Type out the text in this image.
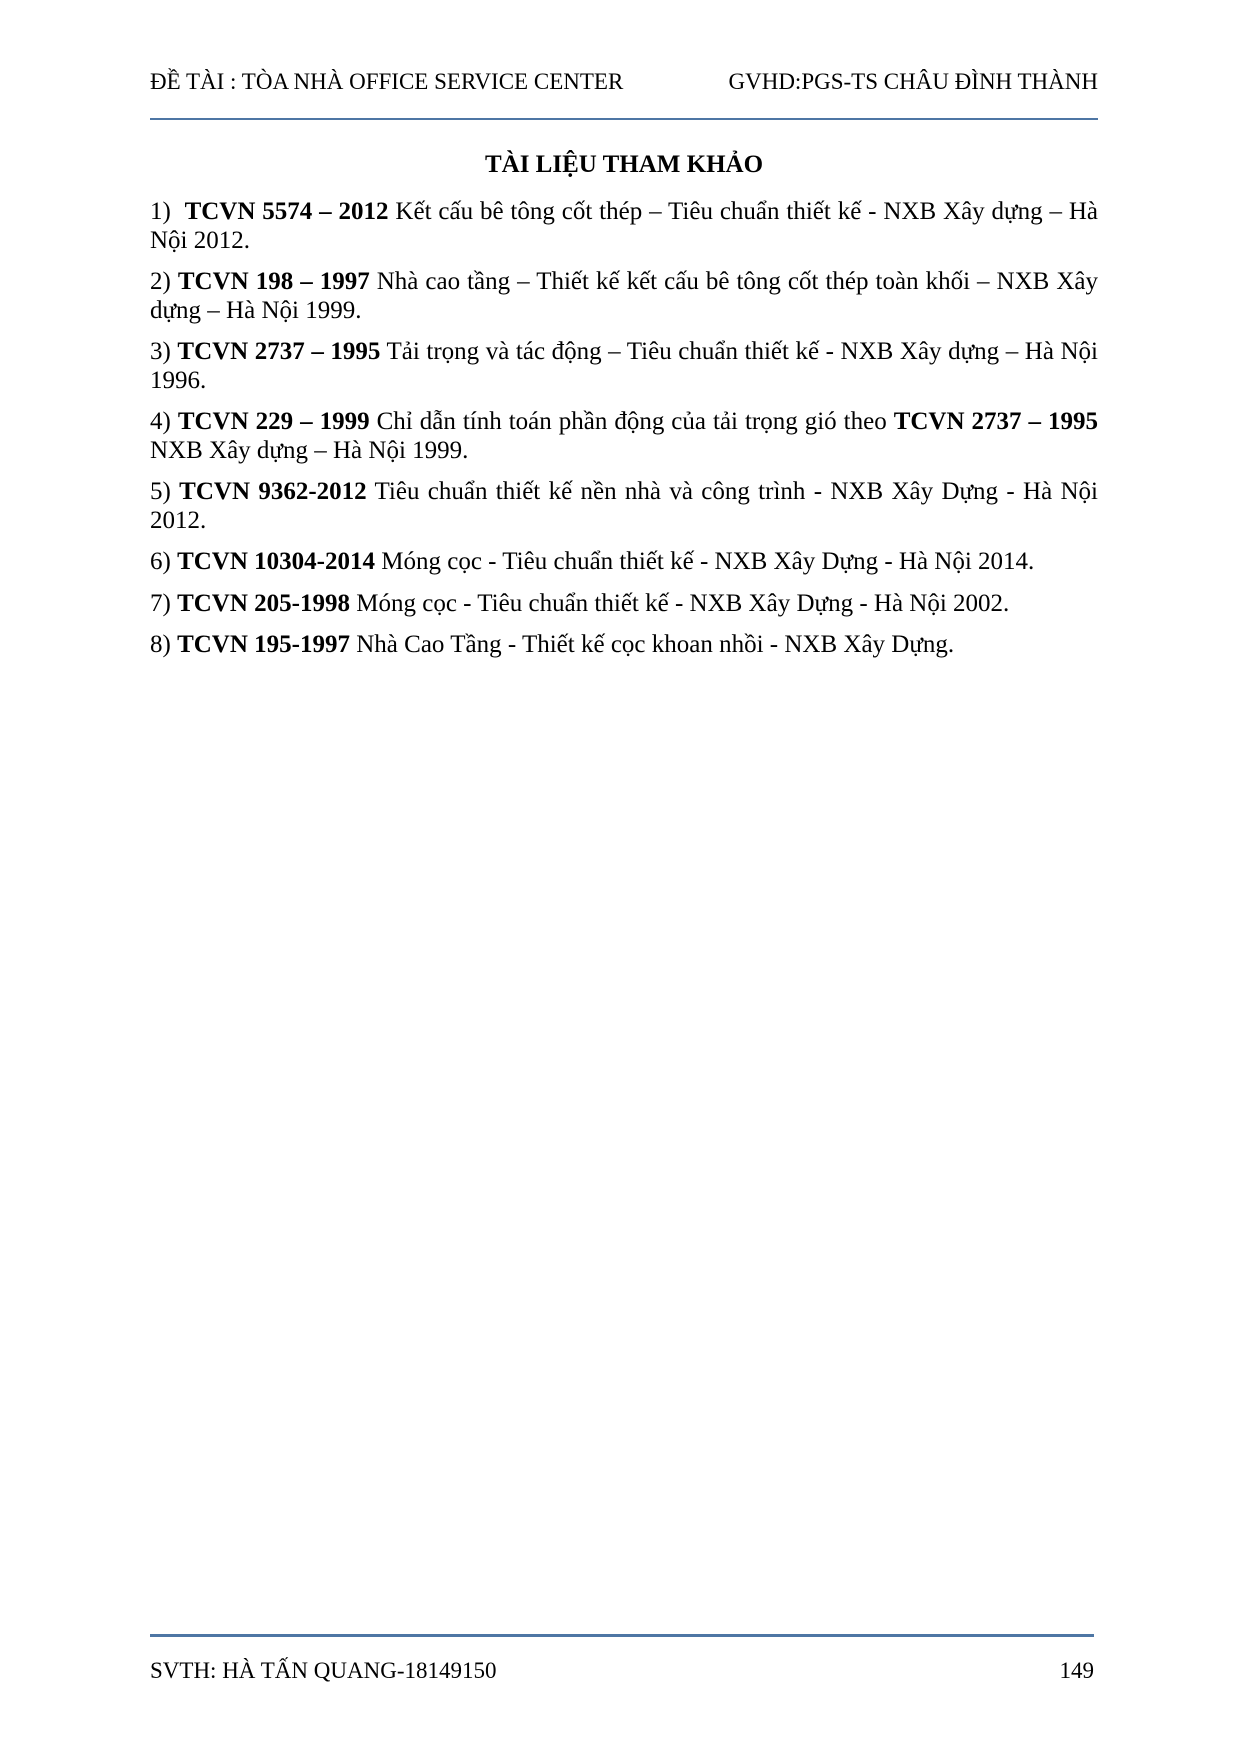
ĐỀ TÀI : TÒA NHÀ OFFICE SERVICE CENTER	GVHD:PGS-TS CHÂU ĐÌNH THÀNH
TÀI LIỆU THAM KHẢO

1)  TCVN 5574 – 2012 Kết cấu bê tông cốt thép – Tiêu chuẩn thiết kế - NXB Xây dựng – Hà Nội 2012.

2) TCVN 198 – 1997 Nhà cao tầng – Thiết kế kết cấu bê tông cốt thép toàn khối – NXB Xây dựng – Hà Nội 1999.

3) TCVN 2737 – 1995 Tải trọng và tác động – Tiêu chuẩn thiết kế - NXB Xây dựng – Hà Nội 1996.

4) TCVN 229 – 1999 Chỉ dẫn tính toán phần động của tải trọng gió theo TCVN 2737 – 1995 NXB Xây dựng – Hà Nội 1999.

5) TCVN 9362-2012 Tiêu chuẩn thiết kế nền nhà và công trình - NXB Xây Dựng - Hà Nội 2012.

6) TCVN 10304-2014 Móng cọc - Tiêu chuẩn thiết kế - NXB Xây Dựng - Hà Nội 2014.

7) TCVN 205-1998 Móng cọc - Tiêu chuẩn thiết kế - NXB Xây Dựng - Hà Nội 2002.

8) TCVN 195-1997 Nhà Cao Tầng - Thiết kế cọc khoan nhồi - NXB Xây Dựng.

SVTH: HÀ TẤN QUANG-18149150	149
